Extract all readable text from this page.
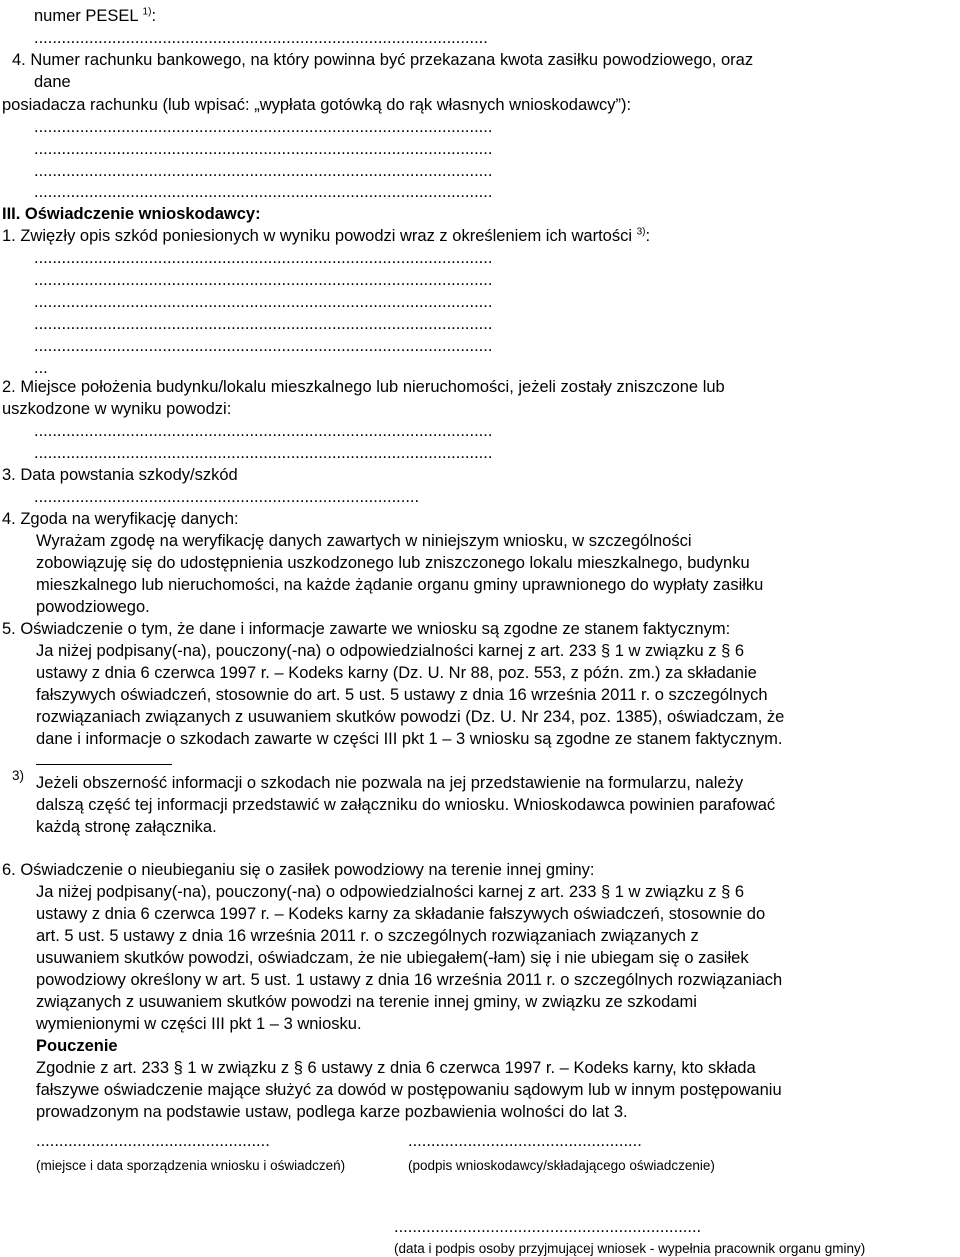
numer PESEL $^{1)}$:
...................................................................................................
4. Numer rachunku bankowego, na który powinna być przekazana kwota zasiłku powodziowego, oraz
dane
posiadacza rachunku (lub wpisać: „wypłata gotówką do rąk własnych wnioskodawcy”):
....................................................................................................
....................................................................................................
....................................................................................................
....................................................................................................
III. Oświadczenie wnioskodawcy:
1. Zwięzły opis szkód poniesionych w wyniku powodzi wraz z określeniem ich wartości $^{3)}$:
....................................................................................................
....................................................................................................
....................................................................................................
....................................................................................................
....................................................................................................
...
2. Miejsce położenia budynku/lokalu mieszkalnego lub nieruchomości, jeżeli zostały zniszczone lub
uszkodzone w wyniku powodzi:
....................................................................................................
....................................................................................................
3. Data powstania szkody/szkód
....................................................................................
4. Zgoda na weryfikację danych:
Wyrażam zgodę na weryfikację danych zawartych w niniejszym wniosku, w szczególności
zobowiązuję się do udostępnienia uszkodzonego lub zniszczonego lokalu mieszkalnego, budynku
mieszkalnego lub nieruchomości, na każde żądanie organu gminy uprawnionego do wypłaty zasiłku
powodziowego.
5. Oświadczenie o tym, że dane i informacje zawarte we wniosku są zgodne ze stanem faktycznym:
Ja niżej podpisany(-na), pouczony(-na) o odpowiedzialności karnej z art. 233 § 1 w związku z § 6
ustawy z dnia 6 czerwca 1997 r. – Kodeks karny (Dz. U. Nr 88, poz. 553, z późn. zm.) za składanie
fałszywych oświadczeń, stosownie do art. 5 ust. 5 ustawy z dnia 16 września 2011 r. o szczególnych
rozwiązaniach związanych z usuwaniem skutków powodzi (Dz. U. Nr 234, poz. 1385), oświadczam, że
dane i informacje o szkodach zawarte w części III pkt 1 – 3 wniosku są zgodne ze stanem faktycznym.
3) Jeżeli obszerność informacji o szkodach nie pozwala na jej przedstawienie na formularzu, należy
dalszą część tej informacji przedstawić w załączniku do wniosku. Wnioskodawca powinien parafować
każdą stronę załącznika.
6. Oświadczenie o nieubieganiu się o zasiłek powodziowy na terenie innej gminy:
Ja niżej podpisany(-na), pouczony(-na) o odpowiedzialności karnej z art. 233 § 1 w związku z § 6
ustawy z dnia 6 czerwca 1997 r. – Kodeks karny za składanie fałszywych oświadczeń, stosownie do
art. 5 ust. 5 ustawy z dnia 16 września 2011 r. o szczególnych rozwiązaniach związanych z
usuwaniem skutków powodzi, oświadczam, że nie ubiegałem(-łam) się i nie ubiegam się o zasiłek
powodziowy określony w art. 5 ust. 1 ustawy z dnia 16 września 2011 r. o szczególnych rozwiązaniach
związanych z usuwaniem skutków powodzi na terenie innej gminy, w związku ze szkodami
wymienionymi w części III pkt 1 – 3 wniosku.
Pouczenie
Zgodnie z art. 233 § 1 w związku z § 6 ustawy z dnia 6 czerwca 1997 r. – Kodeks karny, kto składa
fałszywe oświadczenie mające służyć za dowód w postępowaniu sądowym lub w innym postępowaniu
prowadzonym na podstawie ustaw, podlega karze pozbawienia wolności do lat 3.
...................................................	...................................................
(miejsce i data sporządzenia wniosku i oświadczeń)	(podpis wnioskodawcy/składającego oświadczenie)
...................................................................
(data i podpis osoby przyjmującej wniosek - wypełnia pracownik organu gminy)
